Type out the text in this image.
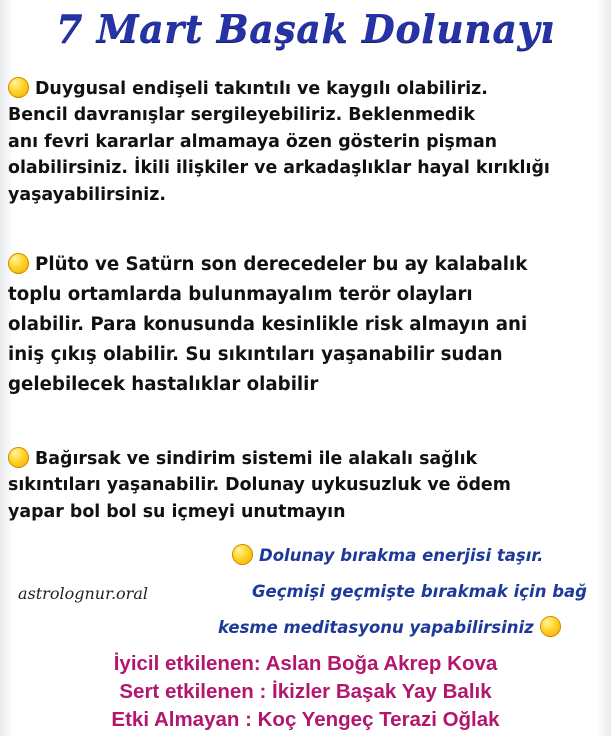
7 Mart Başak Dolunayı
Duygusal endişeli takıntılı ve kaygılı olabiliriz.
Bencil davranışlar sergileyebiliriz. Beklenmedik
anı fevri kararlar almamaya özen gösterin pişman
olabilirsiniz. İkili ilişkiler ve arkadaşlıklar hayal kırıklığı
yaşayabilirsiniz.
Plüto ve Satürn son derecedeler bu ay kalabalık
toplu ortamlarda bulunmayalım terör olayları
olabilir. Para konusunda kesinlikle risk almayın ani
iniş çıkış olabilir. Su sıkıntıları yaşanabilir sudan
gelebilecek hastalıklar olabilir
Bağırsak ve sindirim sistemi ile alakalı sağlık
sıkıntıları yaşanabilir. Dolunay uykusuzluk ve ödem
yapar bol bol su içmeyi unutmayın
Dolunay bırakma enerjisi taşır.
Geçmişi geçmişte bırakmak için bağ
kesme meditasyonu yapabilirsiniz
astrolognur.oral
İyicil etkilenen: Aslan Boğa Akrep Kova
Sert etkilenen : İkizler Başak Yay Balık
Etki Almayan : Koç Yengeç Terazi Oğlak
